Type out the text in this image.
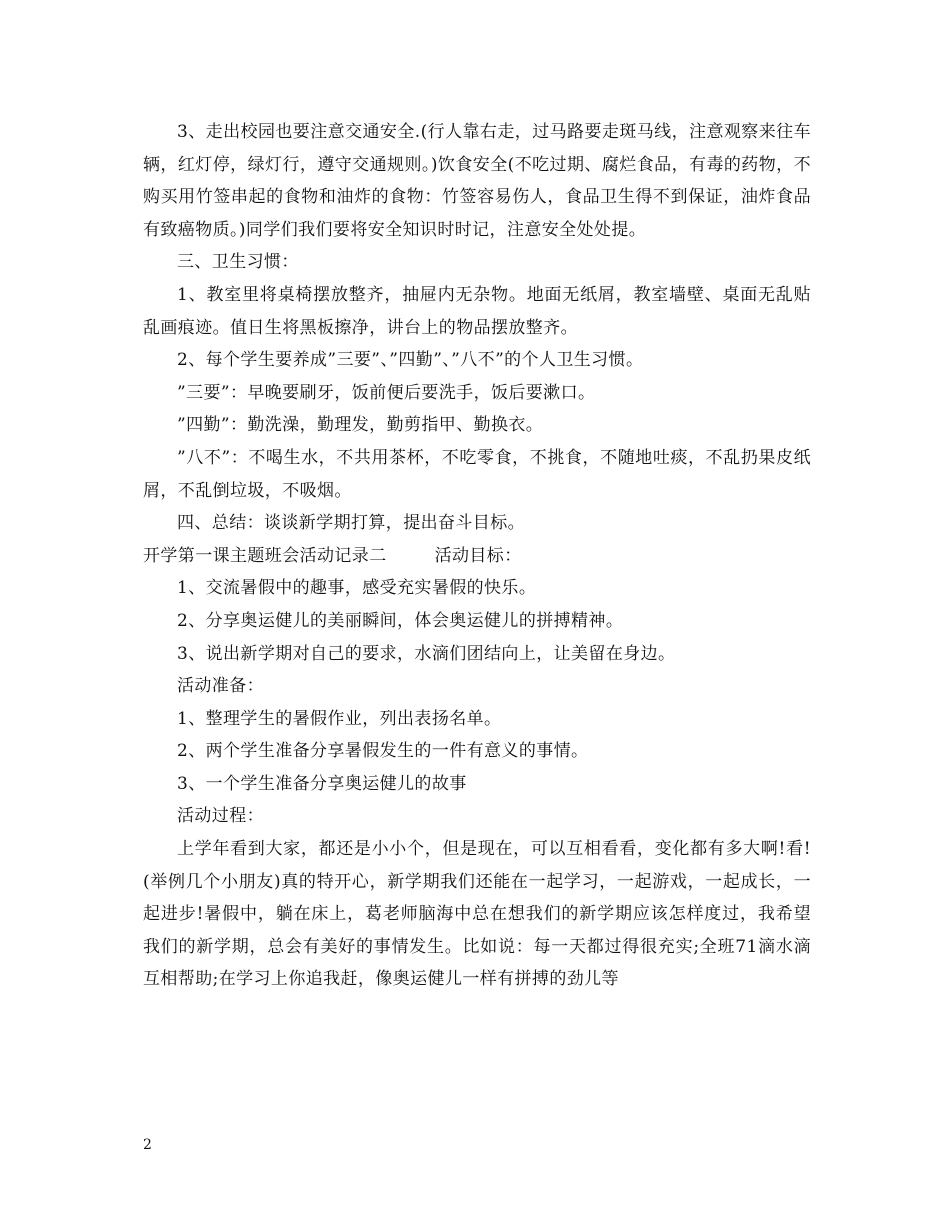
3、走出校园也要注意交通安全.(行人靠右走，过马路要走斑马线，注意观察来往车辆，红灯停，绿灯行，遵守交通规则。)饮食安全(不吃过期、腐烂食品，有毒的药物，不购买用竹签串起的食物和油炸的食物：竹签容易伤人，食品卫生得不到保证，油炸食品有致癌物质。)同学们我们要将安全知识时时记，注意安全处处提。

三、卫生习惯：

1、教室里将桌椅摆放整齐，抽屉内无杂物。地面无纸屑，教室墙壁、桌面无乱贴乱画痕迹。值日生将黑板擦净，讲台上的物品摆放整齐。

2、每个学生要养成”三要”、”四勤”、”八不”的个人卫生习惯。

”三要”：早晚要刷牙，饭前便后要洗手，饭后要漱口。

”四勤”：勤洗澡，勤理发，勤剪指甲、勤换衣。

”八不”：不喝生水，不共用茶杯，不吃零食，不挑食，不随地吐痰，不乱扔果皮纸屑，不乱倒垃圾，不吸烟。

四、总结：谈谈新学期打算，提出奋斗目标。

开学第一课主题班会活动记录二	活动目标：

1、交流暑假中的趣事，感受充实暑假的快乐。

2、分享奥运健儿的美丽瞬间，体会奥运健儿的拼搏精神。

3、说出新学期对自己的要求，水滴们团结向上，让美留在身边。

活动准备：

1、整理学生的暑假作业，列出表扬名单。

2、两个学生准备分享暑假发生的一件有意义的事情。

3、一个学生准备分享奥运健儿的故事

活动过程：

上学年看到大家，都还是小小个，但是现在，可以互相看看，变化都有多大啊!看!(举例几个小朋友)真的特开心，新学期我们还能在一起学习，一起游戏，一起成长，一起进步!暑假中，躺在床上，葛老师脑海中总在想我们的新学期应该怎样度过，我希望我们的新学期，总会有美好的事情发生。比如说：每一天都过得很充实;全班71滴水滴互相帮助;在学习上你追我赶，像奥运健儿一样有拼搏的劲儿等

2
